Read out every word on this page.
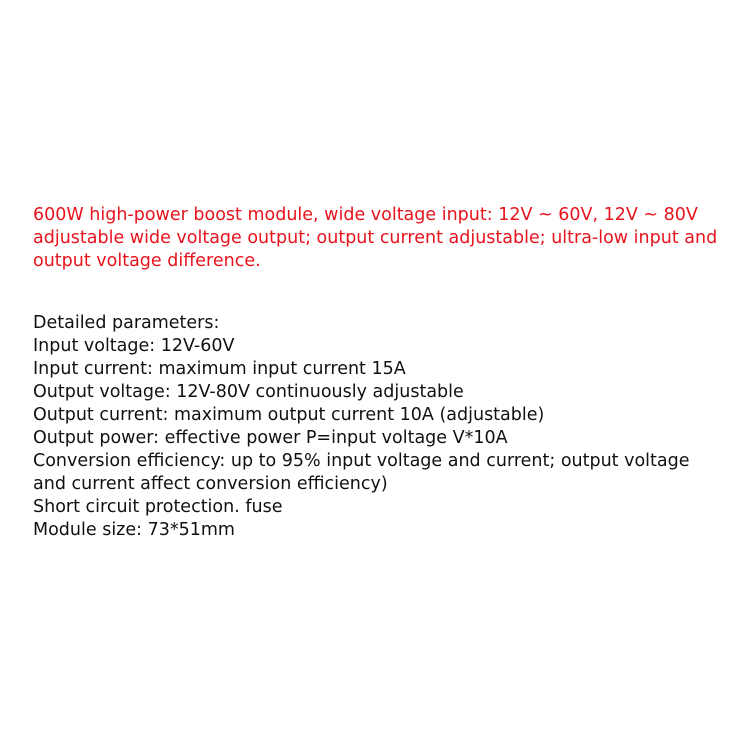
600W high-power boost module, wide voltage input: 12V ~ 60V, 12V ~ 80V adjustable wide voltage output; output current adjustable; ultra-low input and output voltage difference.

Detailed parameters:
Input voltage: 12V-60V
Input current: maximum input current 15A
Output voltage: 12V-80V continuously adjustable
Output current: maximum output current 10A (adjustable)
Output power: effective power P=input voltage V*10A
Conversion efficiency: up to 95% input voltage and current; output voltage and current affect conversion efficiency)
Short circuit protection. fuse
Module size: 73*51mm
